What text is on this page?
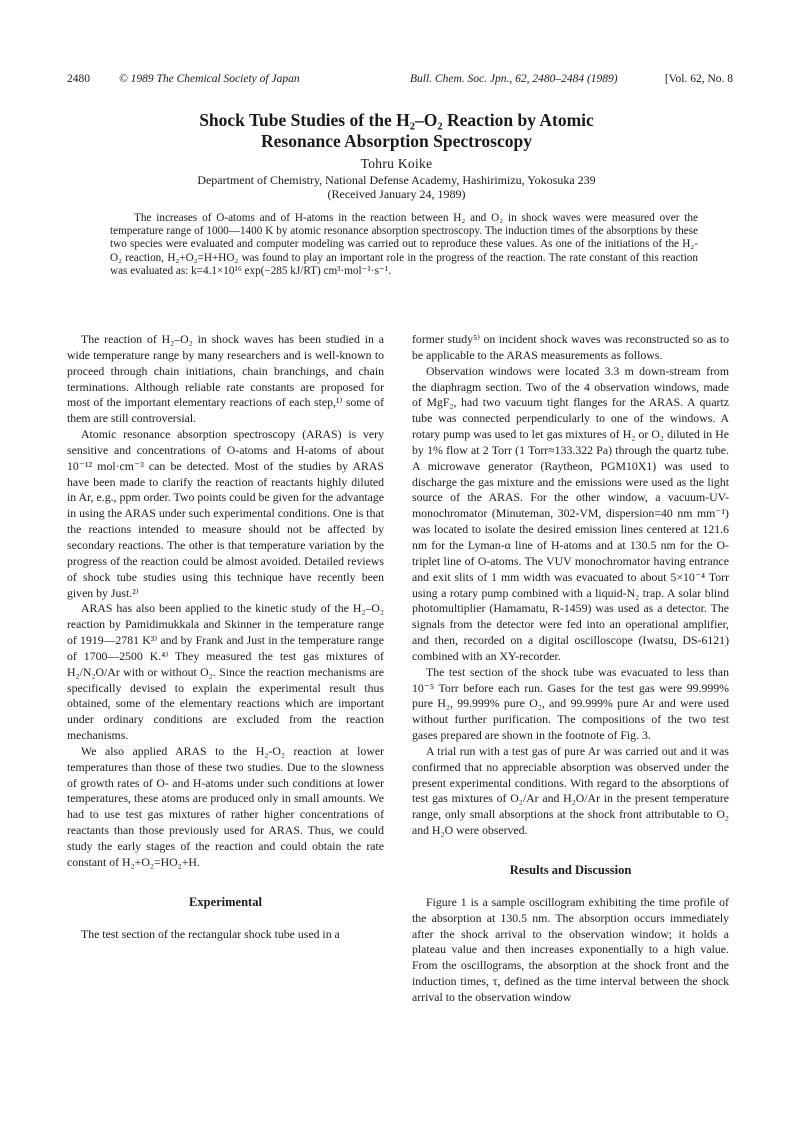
2480	© 1989 The Chemical Society of Japan	Bull. Chem. Soc. Jpn., 62, 2480–2484 (1989)	[Vol. 62, No. 8
Shock Tube Studies of the H₂–O₂ Reaction by Atomic
Resonance Absorption Spectroscopy
Tohru Koike
Department of Chemistry, National Defense Academy, Hashirimizu, Yokosuka 239
(Received January 24, 1989)

The increases of O-atoms and of H-atoms in the reaction between H₂ and O₂ in shock waves were measured over the temperature range of 1000—1400 K by atomic resonance absorption spectroscopy. The induction times of the absorptions by these two species were evaluated and computer modeling was carried out to reproduce these values. As one of the initiations of the H₂-O₂ reaction, H₂+O₂=H+HO₂ was found to play an important role in the progress of the reaction. The rate constant of this reaction was evaluated as: k=4.1×10¹⁶ exp(−285 kJ/RT) cm³·mol⁻¹·s⁻¹.

The reaction of H₂–O₂ in shock waves has been studied in a wide temperature range by many researchers and is well-known to proceed through chain initiations, chain branchings, and chain terminations. Although reliable rate constants are proposed for most of the important elementary reactions of each step,¹⁾ some of them are still controversial.

Atomic resonance absorption spectroscopy (ARAS) is very sensitive and concentrations of O-atoms and H-atoms of about 10⁻¹² mol·cm⁻³ can be detected. Most of the studies by ARAS have been made to clarify the reaction of reactants highly diluted in Ar, e.g., ppm order. Two points could be given for the advantage in using the ARAS under such experimental conditions. One is that the reactions intended to measure should not be affected by secondary reactions. The other is that temperature variation by the progress of the reaction could be almost avoided. Detailed reviews of shock tube studies using this technique have recently been given by Just.²⁾

ARAS has also been applied to the kinetic study of the H₂–O₂ reaction by Pamidimukkala and Skinner in the temperature range of 1919—2781 K³⁾ and by Frank and Just in the temperature range of 1700—2500 K.⁴⁾ They measured the test gas mixtures of H₂/N₂O/Ar with or without O₂. Since the reaction mechanisms are specifically devised to explain the experimental result thus obtained, some of the elementary reactions which are important under ordinary conditions are excluded from the reaction mechanisms.

We also applied ARAS to the H₂-O₂ reaction at lower temperatures than those of these two studies. Due to the slowness of growth rates of O- and H-atoms under such conditions at lower temperatures, these atoms are produced only in small amounts. We had to use test gas mixtures of rather higher concentrations of reactants than those previously used for ARAS. Thus, we could study the early stages of the reaction and could obtain the rate constant of H₂+O₂=HO₂+H.

Experimental

The test section of the rectangular shock tube used in a

former study⁵⁾ on incident shock waves was reconstructed so as to be applicable to the ARAS measurements as follows.

Observation windows were located 3.3 m down-stream from the diaphragm section. Two of the 4 observation windows, made of MgF₂, had two vacuum tight flanges for the ARAS. A quartz tube was connected perpendicularly to one of the windows. A rotary pump was used to let gas mixtures of H₂ or O₂ diluted in He by 1% flow at 2 Torr (1 Torr≈133.322 Pa) through the quartz tube. A microwave generator (Raytheon, PGM10X1) was used to discharge the gas mixture and the emissions were used as the light source of the ARAS. For the other window, a vacuum-UV-monochromator (Minuteman, 302-VM, dispersion=40 nm mm⁻¹) was located to isolate the desired emission lines centered at 121.6 nm for the Lyman-α line of H-atoms and at 130.5 nm for the O-triplet line of O-atoms. The VUV monochromator having entrance and exit slits of 1 mm width was evacuated to about 5×10⁻⁴ Torr using a rotary pump combined with a liquid-N₂ trap. A solar blind photomultiplier (Hamamatu, R-1459) was used as a detector. The signals from the detector were fed into an operational amplifier, and then, recorded on a digital oscilloscope (Iwatsu, DS-6121) combined with an XY-recorder.

The test section of the shock tube was evacuated to less than 10⁻⁵ Torr before each run. Gases for the test gas were 99.999% pure H₂, 99.999% pure O₂, and 99.999% pure Ar and were used without further purification. The compositions of the two test gases prepared are shown in the footnote of Fig. 3.

A trial run with a test gas of pure Ar was carried out and it was confirmed that no appreciable absorption was observed under the present experimental conditions. With regard to the absorptions of test gas mixtures of O₂/Ar and H₂O/Ar in the present temperature range, only small absorptions at the shock front attributable to O₂ and H₂O were observed.

Results and Discussion

Figure 1 is a sample oscillogram exhibiting the time profile of the absorption at 130.5 nm. The absorption occurs immediately after the shock arrival to the observation window; it holds a plateau value and then increases exponentially to a high value. From the oscillograms, the absorption at the shock front and the induction times, τ, defined as the time interval between the shock arrival to the observation window
